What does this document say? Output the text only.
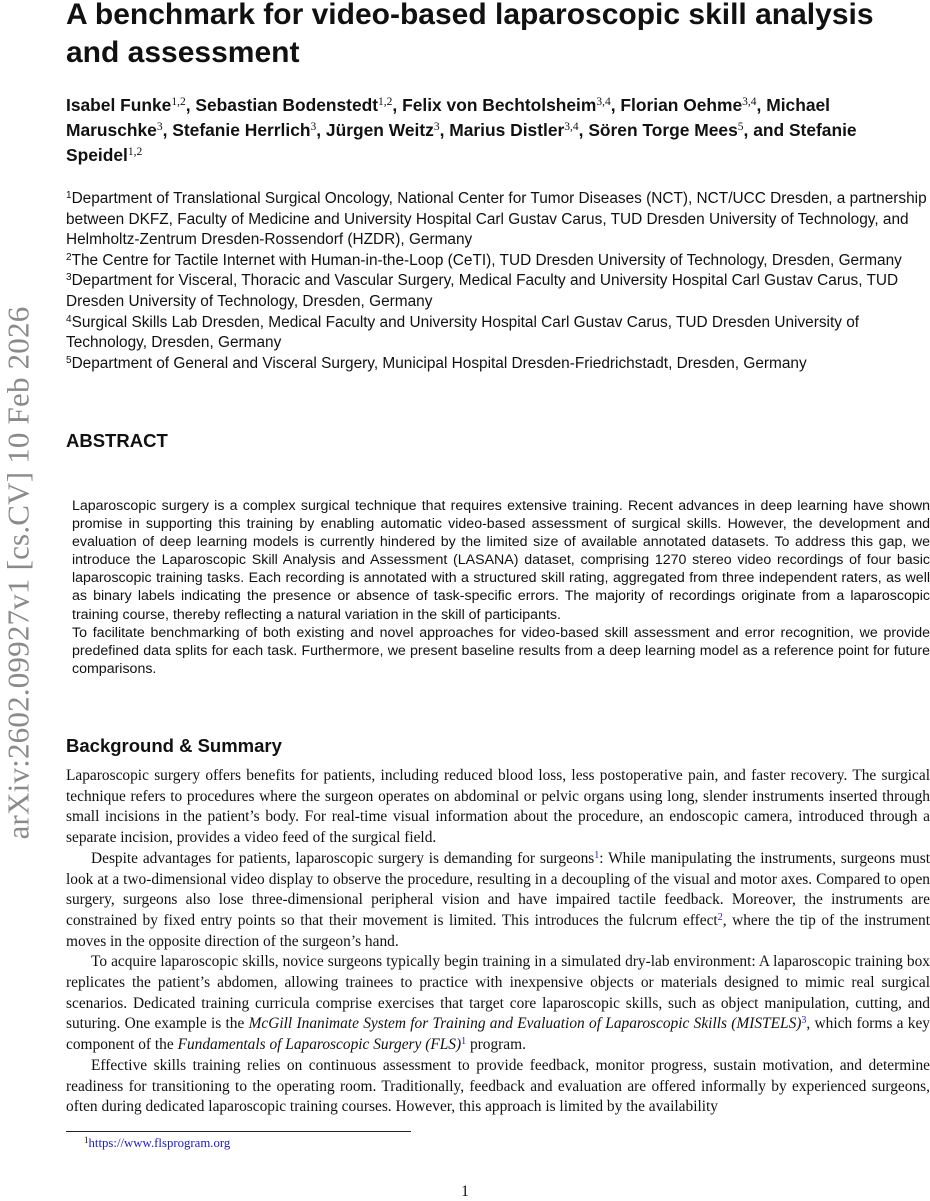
arXiv:2602.09927v1 [cs.CV] 10 Feb 2026
A benchmark for video-based laparoscopic skill analysis and assessment

Isabel Funke$^{1,2}$, Sebastian Bodenstedt$^{1,2}$, Felix von Bechtolsheim$^{3,4}$, Florian Oehme$^{3,4}$, Michael Maruschke$^3$, Stefanie Herrlich$^3$, Jürgen Weitz$^3$, Marius Distler$^{3,4}$, Sören Torge Mees$^5$, and Stefanie Speidel$^{1,2}$

$^1$Department of Translational Surgical Oncology, National Center for Tumor Diseases (NCT), NCT/UCC Dresden, a partnership between DKFZ, Faculty of Medicine and University Hospital Carl Gustav Carus, TUD Dresden University of Technology, and Helmholtz-Zentrum Dresden-Rossendorf (HZDR), Germany

$^2$The Centre for Tactile Internet with Human-in-the-Loop (CeTI), TUD Dresden University of Technology, Dresden, Germany

$^3$Department for Visceral, Thoracic and Vascular Surgery, Medical Faculty and University Hospital Carl Gustav Carus, TUD Dresden University of Technology, Dresden, Germany

$^4$Surgical Skills Lab Dresden, Medical Faculty and University Hospital Carl Gustav Carus, TUD Dresden University of Technology, Dresden, Germany

$^5$Department of General and Visceral Surgery, Municipal Hospital Dresden-Friedrichstadt, Dresden, Germany

ABSTRACT

Laparoscopic surgery is a complex surgical technique that requires extensive training. Recent advances in deep learning have shown promise in supporting this training by enabling automatic video-based assessment of surgical skills. However, the development and evaluation of deep learning models is currently hindered by the limited size of available annotated datasets. To address this gap, we introduce the Laparoscopic Skill Analysis and Assessment (LASANA) dataset, comprising 1270 stereo video recordings of four basic laparoscopic training tasks. Each recording is annotated with a structured skill rating, aggregated from three independent raters, as well as binary labels indicating the presence or absence of task-specific errors. The majority of recordings originate from a laparoscopic training course, thereby reflecting a natural variation in the skill of participants.

To facilitate benchmarking of both existing and novel approaches for video-based skill assessment and error recognition, we provide predefined data splits for each task. Furthermore, we present baseline results from a deep learning model as a reference point for future comparisons.

Background & Summary

Laparoscopic surgery offers benefits for patients, including reduced blood loss, less postoperative pain, and faster recovery. The surgical technique refers to procedures where the surgeon operates on abdominal or pelvic organs using long, slender instruments inserted through small incisions in the patient’s body. For real-time visual information about the procedure, an endoscopic camera, introduced through a separate incision, provides a video feed of the surgical field.

Despite advantages for patients, laparoscopic surgery is demanding for surgeons$^1$: While manipulating the instruments, surgeons must look at a two-dimensional video display to observe the procedure, resulting in a decoupling of the visual and motor axes. Compared to open surgery, surgeons also lose three-dimensional peripheral vision and have impaired tactile feedback. Moreover, the instruments are constrained by fixed entry points so that their movement is limited. This introduces the fulcrum effect$^2$, where the tip of the instrument moves in the opposite direction of the surgeon’s hand.

To acquire laparoscopic skills, novice surgeons typically begin training in a simulated dry-lab environment: A laparoscopic training box replicates the patient’s abdomen, allowing trainees to practice with inexpensive objects or materials designed to mimic real surgical scenarios. Dedicated training curricula comprise exercises that target core laparoscopic skills, such as object manipulation, cutting, and suturing. One example is the McGill Inanimate System for Training and Evaluation of Laparoscopic Skills (MISTELS)$^3$, which forms a key component of the Fundamentals of Laparoscopic Surgery (FLS)$^1$ program.

Effective skills training relies on continuous assessment to provide feedback, monitor progress, sustain motivation, and determine readiness for transitioning to the operating room. Traditionally, feedback and evaluation are offered informally by experienced surgeons, often during dedicated laparoscopic training courses. However, this approach is limited by the availability

$^1$https://www.flsprogram.org

1
